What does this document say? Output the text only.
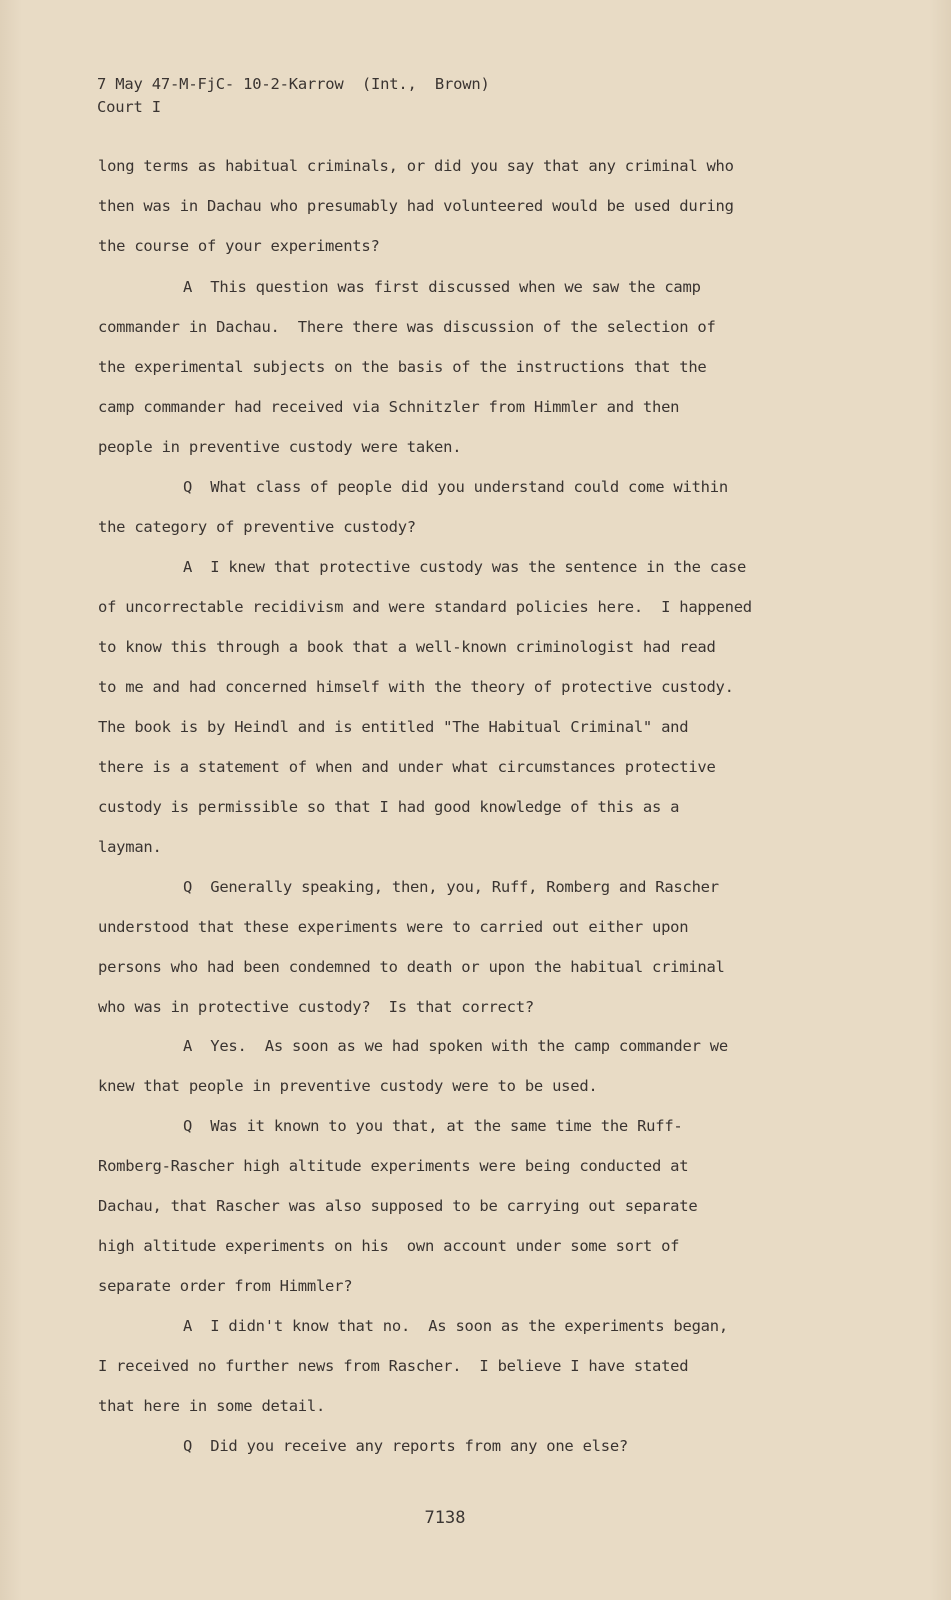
7 May 47-M-FjC- 10-2-Karrow  (Int.,  Brown)
Court I
long terms as habitual criminals, or did you say that any criminal who
then was in Dachau who presumably had volunteered would be used during
the course of your experiments?
A  This question was first discussed when we saw the camp
commander in Dachau.  There there was discussion of the selection of
the experimental subjects on the basis of the instructions that the
camp commander had received via Schnitzler from Himmler and then
people in preventive custody were taken.
Q  What class of people did you understand could come within
the category of preventive custody?
A  I knew that protective custody was the sentence in the case
of uncorrectable recidivism and were standard policies here.  I happened
to know this through a book that a well-known criminologist had read
to me and had concerned himself with the theory of protective custody.
The book is by Heindl and is entitled "The Habitual Criminal" and
there is a statement of when and under what circumstances protective
custody is permissible so that I had good knowledge of this as a
layman.
Q  Generally speaking, then, you, Ruff, Romberg and Rascher
understood that these experiments were to carried out either upon
persons who had been condemned to death or upon the habitual criminal
who was in protective custody?  Is that correct?
A  Yes.  As soon as we had spoken with the camp commander we
knew that people in preventive custody were to be used.
Q  Was it known to you that, at the same time the Ruff-
Romberg-Rascher high altitude experiments were being conducted at
Dachau, that Rascher was also supposed to be carrying out separate
high altitude experiments on his  own account under some sort of
separate order from Himmler?
A  I didn't know that no.  As soon as the experiments began,
I received no further news from Rascher.  I believe I have stated
that here in some detail.
Q  Did you receive any reports from any one else?
7138
